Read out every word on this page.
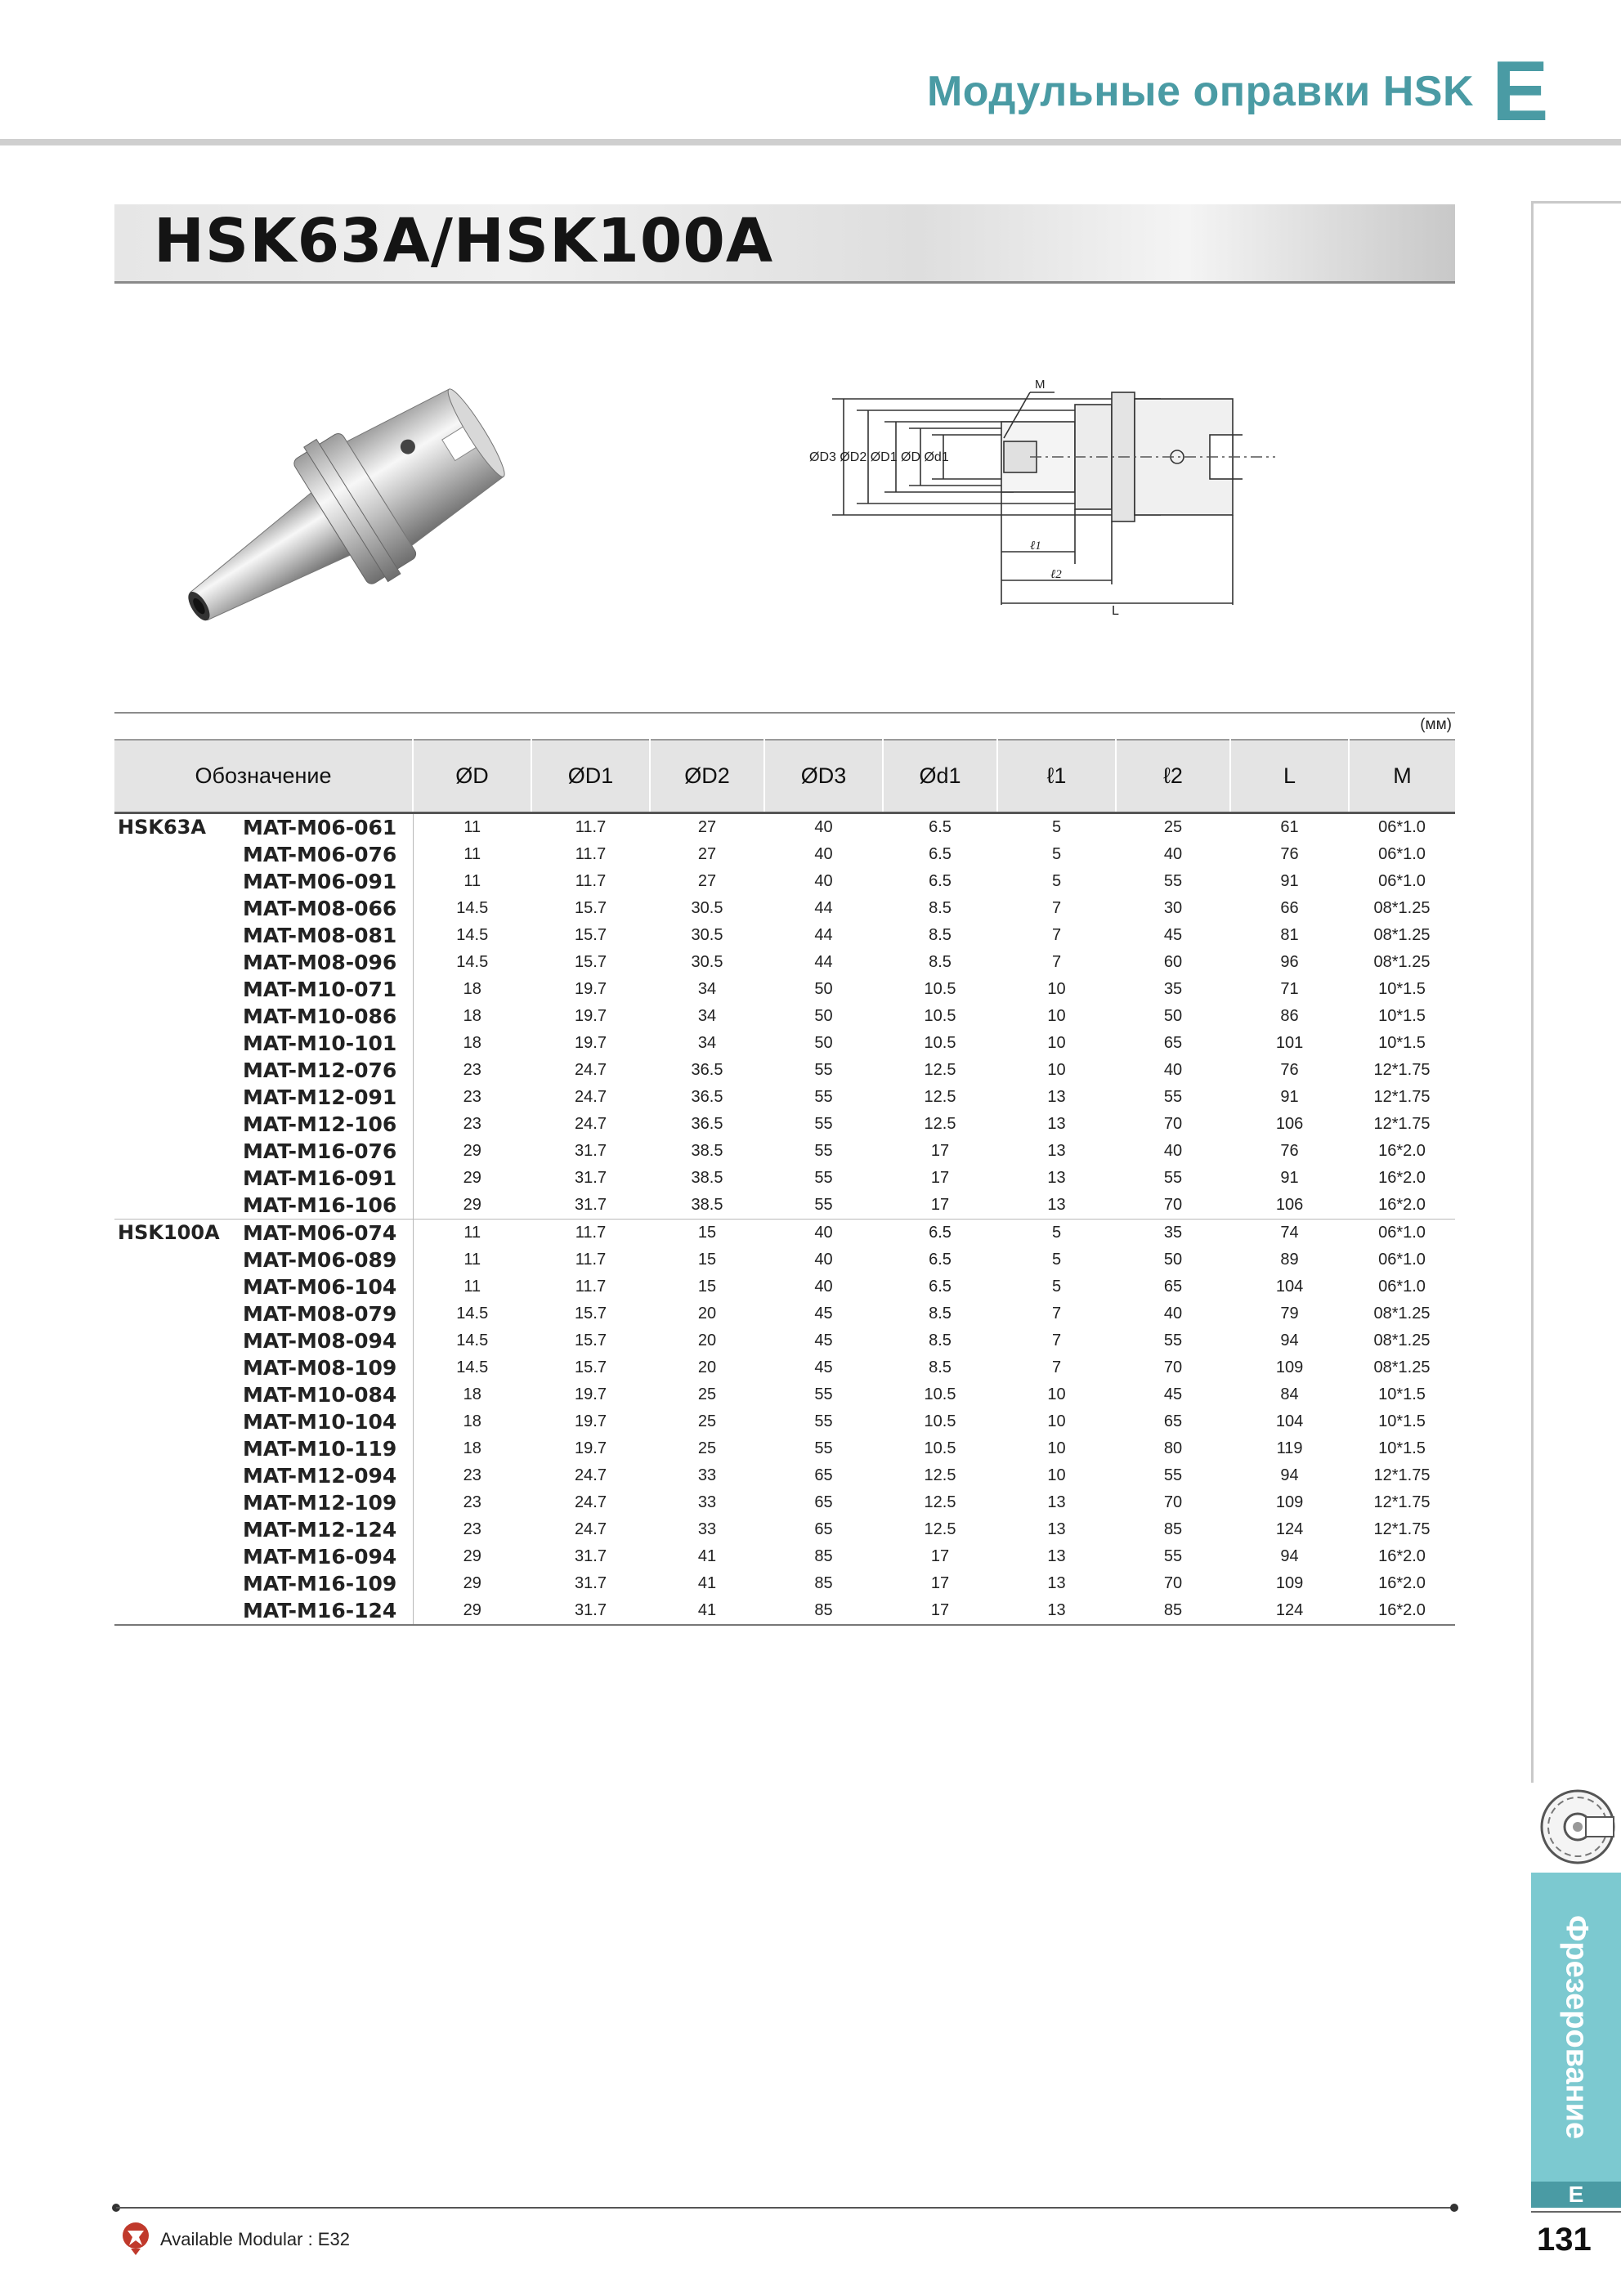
Модульные оправки HSK E
Фрезерование
E
HSK63A/HSK100A
M
ØD3 ØD2 ØD1 ØD Ød1
ℓ1
ℓ2
L
(мм)
Обозначение		ØD	ØD1	ØD2	ØD3	Ød1	ℓ1	ℓ2	L	M
HSK63A	MAT-M06-061	11	11.7	27	40	6.5	5	25	61	06*1.0
	MAT-M06-076	11	11.7	27	40	6.5	5	40	76	06*1.0
	MAT-M06-091	11	11.7	27	40	6.5	5	55	91	06*1.0
	MAT-M08-066	14.5	15.7	30.5	44	8.5	7	30	66	08*1.25
	MAT-M08-081	14.5	15.7	30.5	44	8.5	7	45	81	08*1.25
	MAT-M08-096	14.5	15.7	30.5	44	8.5	7	60	96	08*1.25
	MAT-M10-071	18	19.7	34	50	10.5	10	35	71	10*1.5
	MAT-M10-086	18	19.7	34	50	10.5	10	50	86	10*1.5
	MAT-M10-101	18	19.7	34	50	10.5	10	65	101	10*1.5
	MAT-M12-076	23	24.7	36.5	55	12.5	10	40	76	12*1.75
	MAT-M12-091	23	24.7	36.5	55	12.5	13	55	91	12*1.75
	MAT-M12-106	23	24.7	36.5	55	12.5	13	70	106	12*1.75
	MAT-M16-076	29	31.7	38.5	55	17	13	40	76	16*2.0
	MAT-M16-091	29	31.7	38.5	55	17	13	55	91	16*2.0
	MAT-M16-106	29	31.7	38.5	55	17	13	70	106	16*2.0
HSK100A	MAT-M06-074	11	11.7	15	40	6.5	5	35	74	06*1.0
	MAT-M06-089	11	11.7	15	40	6.5	5	50	89	06*1.0
	MAT-M06-104	11	11.7	15	40	6.5	5	65	104	06*1.0
	MAT-M08-079	14.5	15.7	20	45	8.5	7	40	79	08*1.25
	MAT-M08-094	14.5	15.7	20	45	8.5	7	55	94	08*1.25
	MAT-M08-109	14.5	15.7	20	45	8.5	7	70	109	08*1.25
	MAT-M10-084	18	19.7	25	55	10.5	10	45	84	10*1.5
	MAT-M10-104	18	19.7	25	55	10.5	10	65	104	10*1.5
	MAT-M10-119	18	19.7	25	55	10.5	10	80	119	10*1.5
	MAT-M12-094	23	24.7	33	65	12.5	10	55	94	12*1.75
	MAT-M12-109	23	24.7	33	65	12.5	13	70	109	12*1.75
	MAT-M12-124	23	24.7	33	65	12.5	13	85	124	12*1.75
	MAT-M16-094	29	31.7	41	85	17	13	55	94	16*2.0
	MAT-M16-109	29	31.7	41	85	17	13	70	109	16*2.0
	MAT-M16-124	29	31.7	41	85	17	13	85	124	16*2.0
Available Modular : E32	131
